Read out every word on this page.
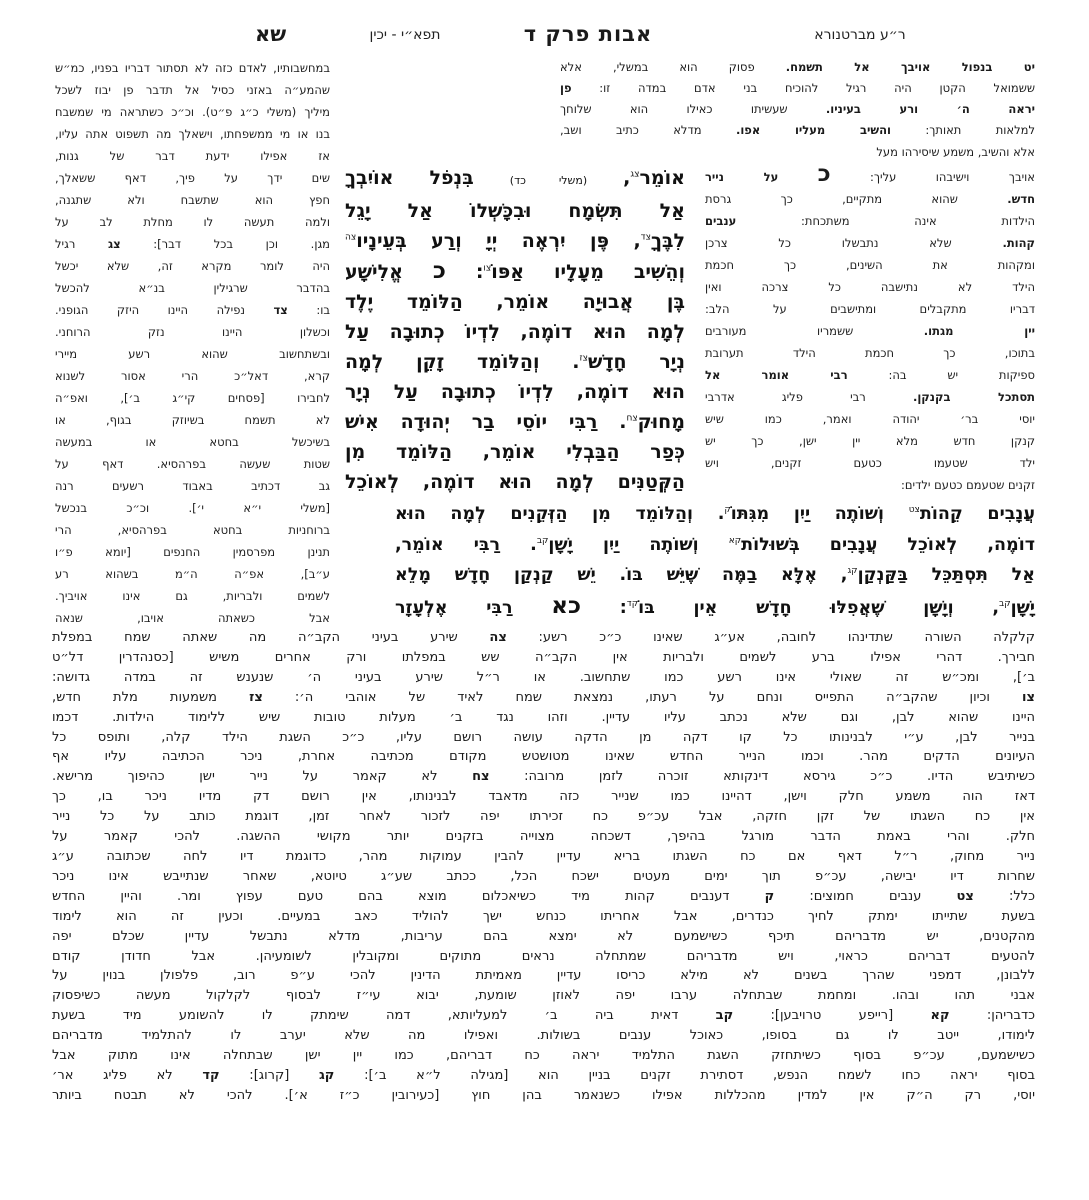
שא	תפא״י - יכין	אבות פרק ד	ר״ע מברטנורא
יט בנפול אויבך אל תשמח. פסוק הוא במשלי, אלא
ששמואל הקטן היה רגיל להוכיח בני אדם במדה זו: פן
יראה ה׳ ורע בעיניו. שעשיתו כאילו הוא שלוחך
למלאות תאותך: והשיב מעליו אפו. מדלא כתיב ושב,
אלא והשיב, משמע שיסירהו מעל
אויבך וישיבהו עליך: כ על נייר
חדש. שהוא מתקיים, כך גרסת
הילדות אינה משתכחת: ענבים
קהות. שלא נתבשלו כל צרכן
ומקהות את השינים, כך חכמת
הילד לא נתישבה כל צרכה ואין
דבריו מתקבלים ומתישבים על הלב:
יין מגתו. ששמריו מעורבים
בתוכו, כך חכמת הילד תערובת
ספיקות יש בה: רבי אומר אל
תסתכל בקנקן. רבי פליג אדרבי
יוסי בר׳ יהודה ואמר, כמו שיש
קנקן חדש מלא יין ישן, כך יש
ילד שטעמו כטעם זקנים, ויש
זקנים שטעמם כטעם ילדים:
אוֹמֵר$^{צג}$, (משלי כד) בִּנְפֹל אוֹיִבְךָ
אַל תִּשְׂמָח וּבִכָּשְׁלוֹ אַל יָגֵל
לִבֶּךָ$^{צד}$, פֶּן יִרְאֶה יְיָ וְרַע בְּעֵינָיו$^{צה}$
וְהֵשִׁיב מֵעָלָיו אַפּוֹ$^{צו}$: כ אֱלִישָׁע
בֶּן אֲבוּיָה אוֹמֵר, הַלּוֹמֵד יֶלֶד
לְמָה הוּא דוֹמֶה, לִדְיוֹ כְתוּבָה עַל
נְיָר חָדָשׁ$^{צז}$. וְהַלּוֹמֵד זָקֵן לְמָה
הוּא דוֹמֶה, לִדְיוֹ כְתוּבָה עַל נְיָר
מָחוּק$^{צח}$. רַבִּי יוֹסֵי בַר יְהוּדָה אִישׁ
כְּפַר הַבַּבְלִי אוֹמֵר, הַלּוֹמֵד מִן
הַקְּטַנִּים לְמָה הוּא דוֹמֶה, לְאוֹכֵל
עֲנָבִים קֵהוֹת$^{צט}$ וְשׁוֹתֶה יַיִן מִגִּתּוֹ$^ק$. וְהַלּוֹמֵד מִן הַזְּקֵנִים לְמָה הוּא
דוֹמֶה, לְאוֹכֵל עֲנָבִים בְּשׁוּלוֹת$^{קא}$ וְשׁוֹתֶה יַיִן יָשָׁן$^{קב}$. רַבִּי אוֹמֵר,
אַל תִּסְתַּכֵּל בַּקַּנְקַן$^{קג}$, אֶלָּא בַמֶּה שֶּׁיֵּשׁ בּוֹ. יֵשׁ קַנְקַן חָדָשׁ מָלֵא
יָשָׁן$^{קב}$, וְיָשָׁן שֶׁאֲפִלּוּ חָדָשׁ אֵין בּוֹ$^{קד}$: כא רַבִּי אֶלְעָזָר
במחשבותיו, לאדם כזה לא תסתור דבריו בפניו, כמ״ש
שהמע״ה באזני כסיל אל תדבר פן יבוז לשכל
מיליך (משלי כ״ג פ״ט). וכ״כ כשתראה מי שמשבח
בנו או מי ממשפחתו, וישאלך מה תשפוט אתה עליו,
אז אפילו ידעת דבר של גנות,
שים ידך על פיך, דאף ששאלך,
חפץ הוא שתשבח ולא שתגנה,
ולמה תעשה לו מחלת לב על
מגן. וכן בכל דבר]: צג רגיל
היה לומר מקרא זה, שלא יכשל
בהדבר שרגילין בנ״א להכשל
בו: צד נפילה היינו היזק הגופני.
וכשלון היינו נזק הרוחני.
ובשתחשוב שהוא רשע מיירי
קרא, דאל״כ הרי אסור לשנוא
לחבירו [פסחים קי״ג ב׳], ואפ״ה
לא תשמח בשיוזק בגוף, או
בשיכשל בחטא או במעשה
שטות שעשה בפרהסיא. דאף על
גב דכתיב באבוד רשעים רנה
[משלי י״א י׳]. וכ״כ בנכשל
ברוחניות בחטא בפרהסיא, הרי
תנינן מפרסמין החנפים [יומא פ״ו
ע״ב], אפ״ה ה״מ בשהוא רע
לשמים ולבריות, גם אינו אויביך.
אבל כשאתה אויבו, שנאה
קלקלה השורה שתדינהו לחובה, אע״ג שאינו כ״כ רשע: צה שירע בעיני הקב״ה מה שאתה שמח במפלת
חבירך. דהרי אפילו ברע לשמים ולבריות אין הקב״ה שש במפלתו ורק אחרים משיש [כסנהדרין דל״ט
ב׳], ומכ״ש זה שאולי אינו רשע כמו שתחשוב. או ר״ל שירע בעיני ה׳ שנענש זה במדה גדושה:
צו וכיון שהקב״ה התפייס ונחם על רעתו, נמצאת שמח לאיד של אוהבי ה׳: צז משמעות מלת חדש,
היינו שהוא לבן, וגם שלא נכתב עליו עדיין. וזהו נגד ב׳ מעלות טובות שיש ללימוד הילדות. דכמו
בנייר לבן, ע״י לבנינותו כל קו דקה מן הדקה עושה רושם עליו, כ״כ השגת הילד קלה, ותופס כל
העיונים הדקים מהר. וכמו הנייר החדש שאינו מטושטש מקודם מכתיבה אחרת, ניכר הכתיבה עליו אף
כשיתיבש הדיו. כ״כ גירסא דינקותא זוכרה לזמן מרובה: צח לא קאמר על נייר ישן כהיפוך מרישא.
דאז הוה משמע חלק וישן, דהיינו כמו שנייר כזה מדאבד לבנינותו, אין רושם דק מדיו ניכר בו, כך
אין כח השגתו של זקן חזקה, אבל עכ״פ כח זכירתו יפה לזכור לאחר זמן, דוגמת כותב על כל נייר
חלק. והרי באמת הדבר מורגל בהיפך, דשכחה מצוייה בזקנים יותר מקושי ההשגה. להכי קאמר על
נייר מחוק, ר״ל דאף אם כח השגתו בריא עדיין להבין עמוקות מהר, כדוגמת דיו לחה שכתובה ע״ג
שחרות דיו יבישה, עכ״פ תוך ימים מעטים ישכח הכל, ככתב שע״ג טיוטא, שאחר שנתייבש אינו ניכר
כלל: צט ענבים חמוצים: ק דענבים קהות מיד כשיאכלום מוצא בהם טעם עפוץ ומר. והיין החדש
בשעת שתייתו ימתק לחיך כנדרים, אבל אחריתו כנחש ישך להוליד כאב במעיים. וכעין זה הוא לימוד
מהקטנים, יש מדבריהם תיכף כשישמעם לא ימצא בהם עריבות, מדלא נתבשל עדיין שכלם יפה
להטעים דבריהם כראוי, ויש מדבריהם שמתחלה נראים מתוקים ומקובלין לשומעיהן. אבל חדודן קודם
ללבונן, דמפני שהרך בשנים לא מילא כריסו עדיין מאמיתת הדינין להכי ע״פ רוב, פלפולן בנוין על
אבני תהו ובהו. ומחמת שבתחלה ערבו יפה לאוזן שומעת, יבוא עי״ז לבסוף לקלקול מעשה כשיפסוק
כדבריהן: קא [רייפע טרויבען]: קב דאית ביה ב׳ למעליותא, דמה שימתק לו להשומע מיד בשעת
לימודו, ייטב לו גם בסופו, כאוכל ענבים בשולות. ואפילו מה שלא יערב לו להתלמיד מדבריהם
כשישמעם, עכ״פ בסוף כשיתחזק השגת התלמיד יראה כח דבריהם, כמו יין ישן שבתחלה אינו מתוק אבל
בסוף יראה כחו לשמח הנפש, דסתירת זקנים בניין הוא [מגילה ל״א ב׳]: קג [קרוג]: קד לא פליג אר׳
יוסי, רק ה״ק אין למדין מהכללות אפילו כשנאמר בהן חוץ [כעירובין כ״ז א׳]. להכי לא תבטח ביותר
